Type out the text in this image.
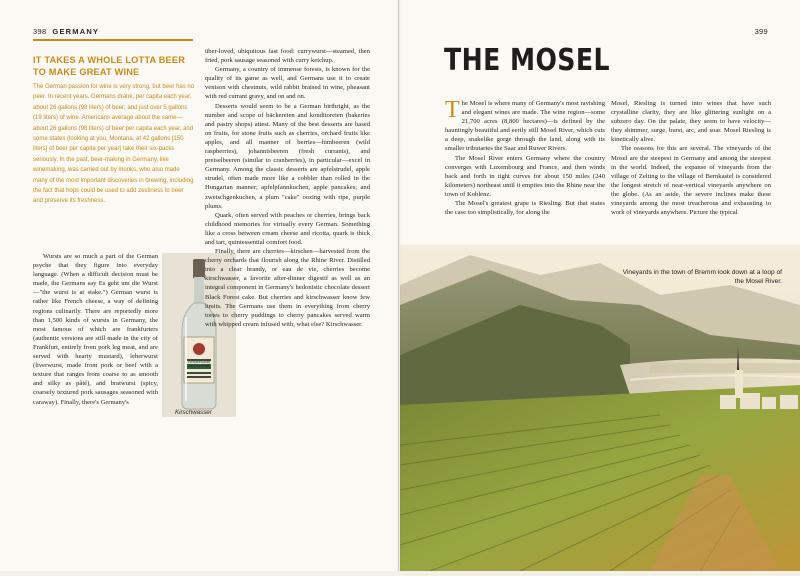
398 GERMANY
IT TAKES A WHOLE LOTTA BEER TO MAKE GREAT WINE

The German passion for wine is very strong, but beer has no peer. In recent years, Germans drank, per capita each year, about 26 gallons (98 liters) of beer; and just over 5 gallons (19 liters) of wine. Americans average about the same—about 26 gallons (98 liters) of beer per capita each year, and some states (looking at you, Montana, at 42 gallons [150 liters] of beer per capita per year) take their six-packs seriously. In the past, beer-making in Germany, like winemaking, was carried out by monks, who also made many of the most important discoveries in brewing, including the fact that hops could be used to add zestiness to beer and preserve its freshness.

Wursts are so much a part of the German psyche that they figure into everyday language. (When a difficult decision must be made, the Germans say Es geht um die Wurst—"the wurst is at stake.") German wurst is rather like French cheese, a way of defining regions culinarily. There are reportedly more than 1,500 kinds of wursts in Germany, the most famous of which are frankfurters (authentic versions are still made in the city of Frankfurt, entirely from pork leg meat, and are served with hearty mustard), leberwurst (liverwurst, made from pork or beef with a texture that ranges from coarse to as smooth and silky as pâté), and bratwurst (spicy, coarsely textured pork sausages seasoned with caraway). Finally, there's Germany's

Schwarzwälder Kirsch-wasser
Kirschwasser

über-loved, ubiquitous fast food: currywurst—steamed, then fried, pork sausage seasoned with curry ketchup.

Germany, a country of immense forests, is known for the quality of its game as well, and Germans use it to create venison with chestnuts, wild rabbit braised in wine, pheasant with red currant gravy, and on and on.

Desserts would seem to be a German birthright, as the number and scope of bäckereien and konditoreien (bakeries and pastry shops) attest. Many of the best desserts are based on fruits, for stone fruits such as cherries, orchard fruits like apples, and all manner of berries—himbeeren (wild raspberries), johannisbeeren (fresh currants), and preiselbeeren (similar to cranberries), in particular—excel in Germany. Among the classic desserts are apfelstrudel, apple strudel, often made more like a cobbler than rolled in the Hungarian manner; apfelpfannkuchen, apple pancakes; and zwetschgenkuchen, a plum "cake" oozing with ripe, purple plums.

Quark, often served with peaches or cherries, brings back childhood memories for virtually every German. Something like a cross between cream cheese and ricotta, quark is thick and tart, quintessential comfort food.

Finally, there are cherries—kirschen—harvested from the cherry orchards that flourish along the Rhine River. Distilled into a clear brandy, or eau de vie, cherries become kirschwasser, a favorite after-dinner digestif as well as an integral component in Germany's hedonistic chocolate dessert Black Forest cake. But cherries and kirschwasser know few limits. The Germans use them in everything from cherry tortes to cherry puddings to cherry pancakes served warm with whipped cream infused with, what else? Kirschwasser.

399
THE MOSEL

The Mosel is where many of Germany's most ravishing and elegant wines are made. The wine region—some 21,700 acres (8,800 hectares)—is defined by the hauntingly beautiful and eerily still Mosel River, which cuts a deep, snakelike gorge through the land, along with its smaller tributaries the Saar and Ruwer Rivers.

The Mosel River enters Germany where the country converges with Luxembourg and France, and then winds back and forth in tight curves for about 150 miles (240 kilometers) northeast until it empties into the Rhine near the town of Koblenz.

The Mosel's greatest grape is Riesling. But that states the case too simplistically, for along the

Mosel, Riesling is turned into wines that have such crystalline clarity, they are like glittering sunlight on a subzero day. On the palate, they seem to have velocity—they shimmer, surge, burst, arc, and soar. Mosel Riesling is kinetically alive.

The reasons for this are several. The vineyards of the Mosel are the steepest in Germany and among the steepest in the world. Indeed, the expanse of vineyards from the village of Zelting to the village of Bernkastel is considered the longest stretch of near-vertical vineyards anywhere on the globe. (As an aside, the severe inclines make these vineyards among the most treacherous and exhausting to work of vineyards anywhere. Picture the typical

Vineyards in the town of Bremm look down at a loop of the Mosel River.
